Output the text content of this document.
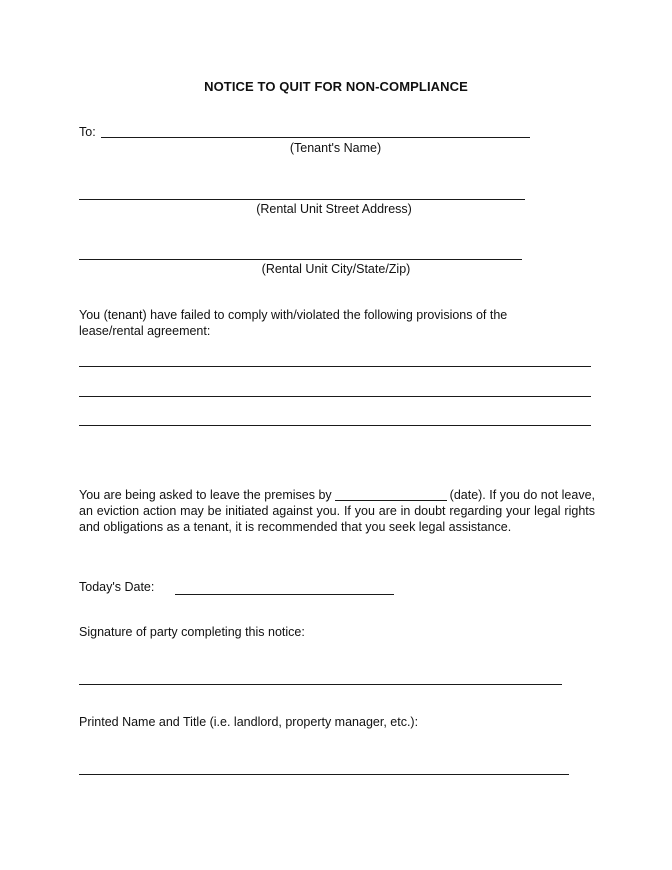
NOTICE TO QUIT FOR NON-COMPLIANCE
To:
(Tenant's Name)
(Rental Unit Street Address)
(Rental Unit City/State/Zip)
You (tenant) have failed to comply with/violated the following provisions of the lease/rental agreement:
You are being asked to leave the premises by	(date). If you do not leave, an eviction action may be initiated against you. If you are in doubt regarding your legal rights and obligations as a tenant, it is recommended that you seek legal assistance.
Today's Date:
Signature of party completing this notice:
Printed Name and Title (i.e. landlord, property manager, etc.):
